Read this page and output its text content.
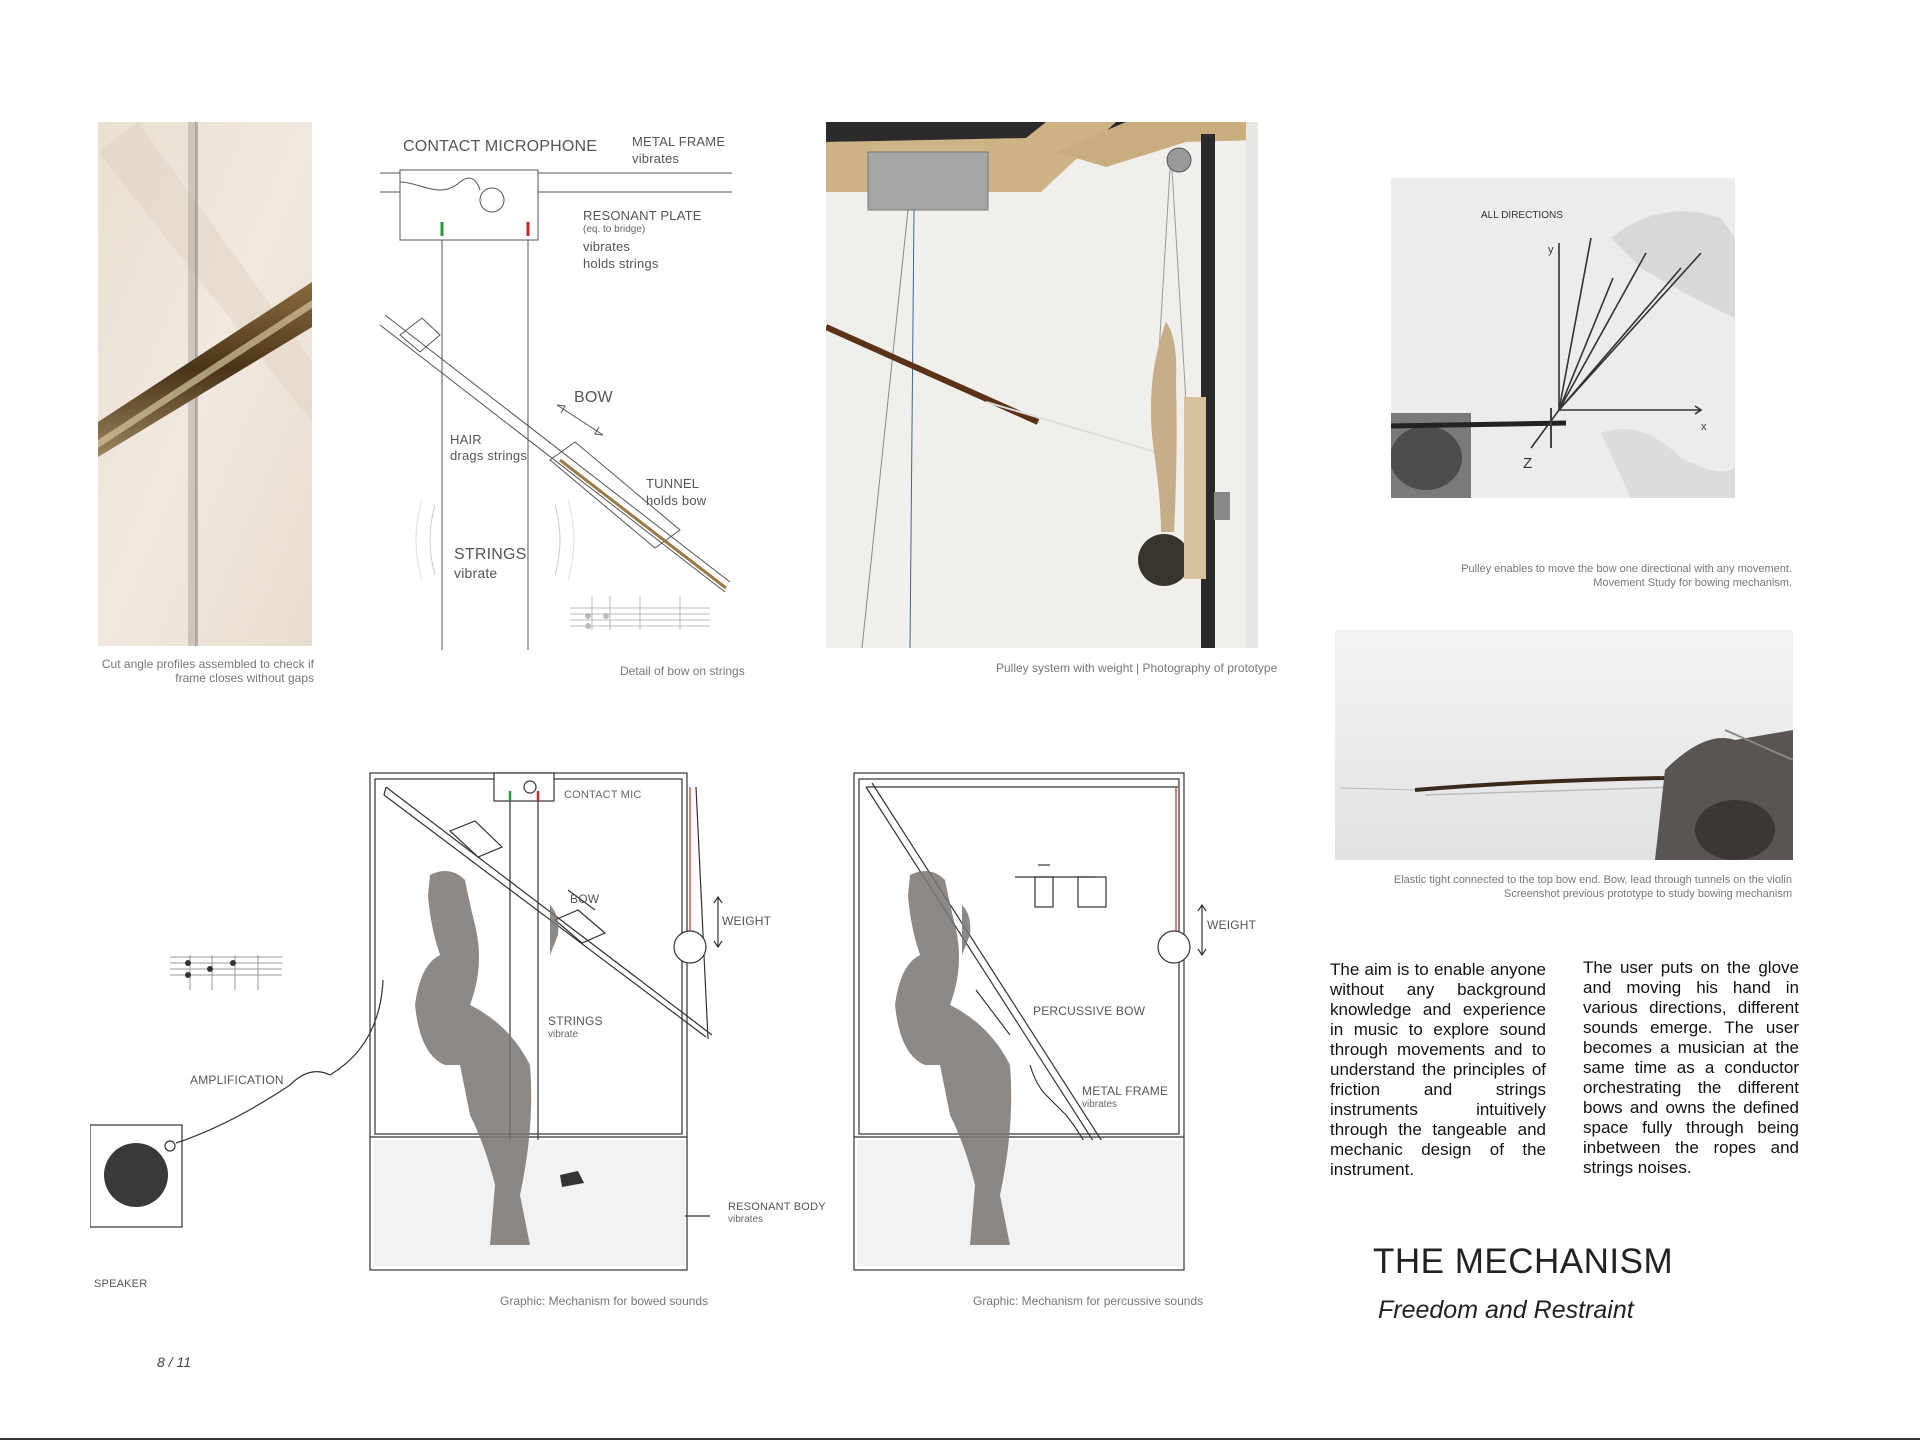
Cut angle profiles assembled to check if frame closes without gaps
CONTACT MICROPHONE	METAL FRAME
vibrates
RESONANT PLATE
(eq. to bridge)
vibrates
holds strings
BOW
HAIR
drags strings
TUNNEL
holds bow
STRINGS
vibrate
Detail of bow on strings	Pulley system with weight | Photography of prototype
ALL DIRECTIONS
y
x
Z
Pulley enables to move the bow one directional with any movement. Movement Study for bowing mechanism.
Elastic tight connected to the top bow end. Bow, lead through tunnels on the violin Screenshot previous prototype to study bowing mechanism
CONTACT MIC
BOW
WEIGHT
STRINGS
vibrate
AMPLIFICATION
SPEAKER
RESONANT BODY
vibrates
Graphic: Mechanism for bowed sounds
WEIGHT
PERCUSSIVE BOW
METAL FRAME
vibrates
Graphic: Mechanism for percussive sounds
The aim is to enable anyone without any background knowledge and experience in music to explore sound through movements and to understand the principles of friction and strings instruments intuitively through the tangeable and mechanic design of the instrument.
The user puts on the glove and moving his hand in various directions, different sounds emerge. The user becomes a musician at the same time as a conductor orchestrating the different bows and owns the defined space fully through being inbetween the ropes and strings noises.
THE MECHANISM
Freedom and Restraint
8 / 11
